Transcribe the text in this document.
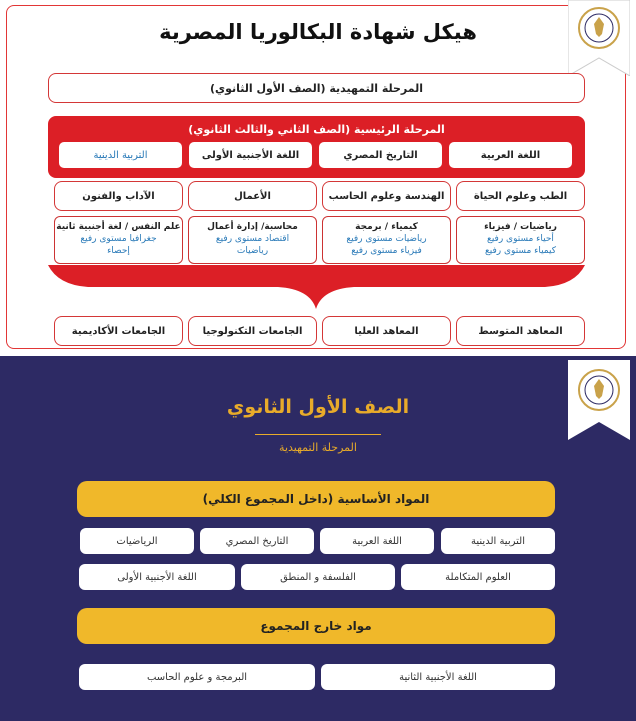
هيكل شهادة البكالوريا المصرية
المرحلة التمهيدية (الصف الأول الثانوي)
المرحلة الرئيسية (الصف الثاني والثالث الثانوي)
اللغة العربية
التاريخ المصري
اللغة الأجنبية الأولى
التربية الدينية
الطب وعلوم الحياة
الهندسة وعلوم الحاسب
الأعمال
الآداب والفنون
رياضيات / فيزياء
أحياء مستوى رفيع
كيمياء مستوى رفيع
كيمياء / برمجة
رياضيات مستوى رفيع
فيزياء مستوى رفيع
محاسبة/ إدارة أعمال
اقتصاد مستوى رفيع
رياضيات
علم النفس / لغة أجنبية ثانية
جغرافيا مستوى رفيع
إحصاء
المعاهد المتوسط
المعاهد العليا
الجامعات التكنولوجيا
الجامعات الأكاديمية
الصف الأول الثانوي
المرحلة التمهيدية
المواد الأساسية (داخل المجموع الكلي)
التربية الدينية
اللغة العربية
التاريخ المصري
الرياضيات
العلوم المتكاملة
الفلسفة و المنطق
اللغة الأجنبية الأولى
مواد خارج المجموع
اللغة الأجنبية الثانية
البرمجة و علوم الحاسب
